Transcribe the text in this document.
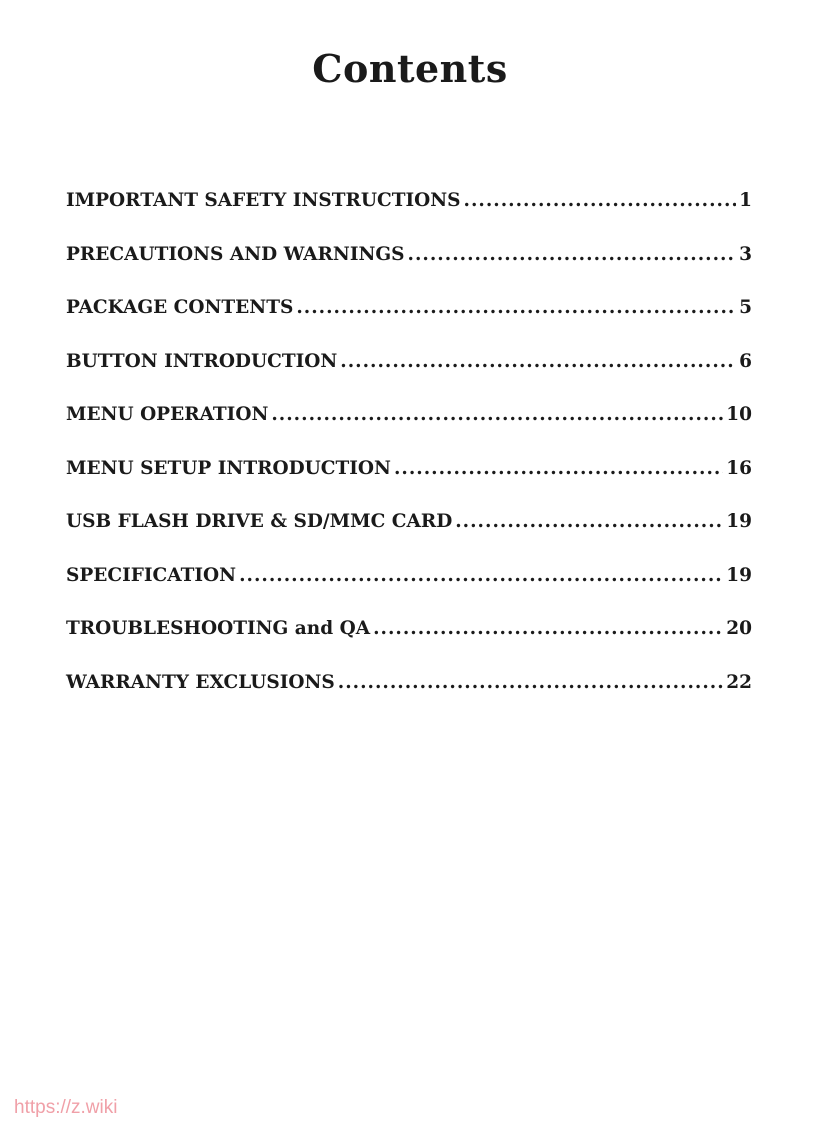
Contents
IMPORTANT SAFETY INSTRUCTIONS .....	1
PRECAUTIONS AND WARNINGS .....	3
PACKAGE CONTENTS .....	5
BUTTON INTRODUCTION .....	6
MENU OPERATION .....	10
MENU SETUP INTRODUCTION .....	16
USB FLASH DRIVE & SD/MMC CARD .....	19
SPECIFICATION .....	19
TROUBLESHOOTING and QA .....	20
WARRANTY EXCLUSIONS .....	22
https://z.wiki
